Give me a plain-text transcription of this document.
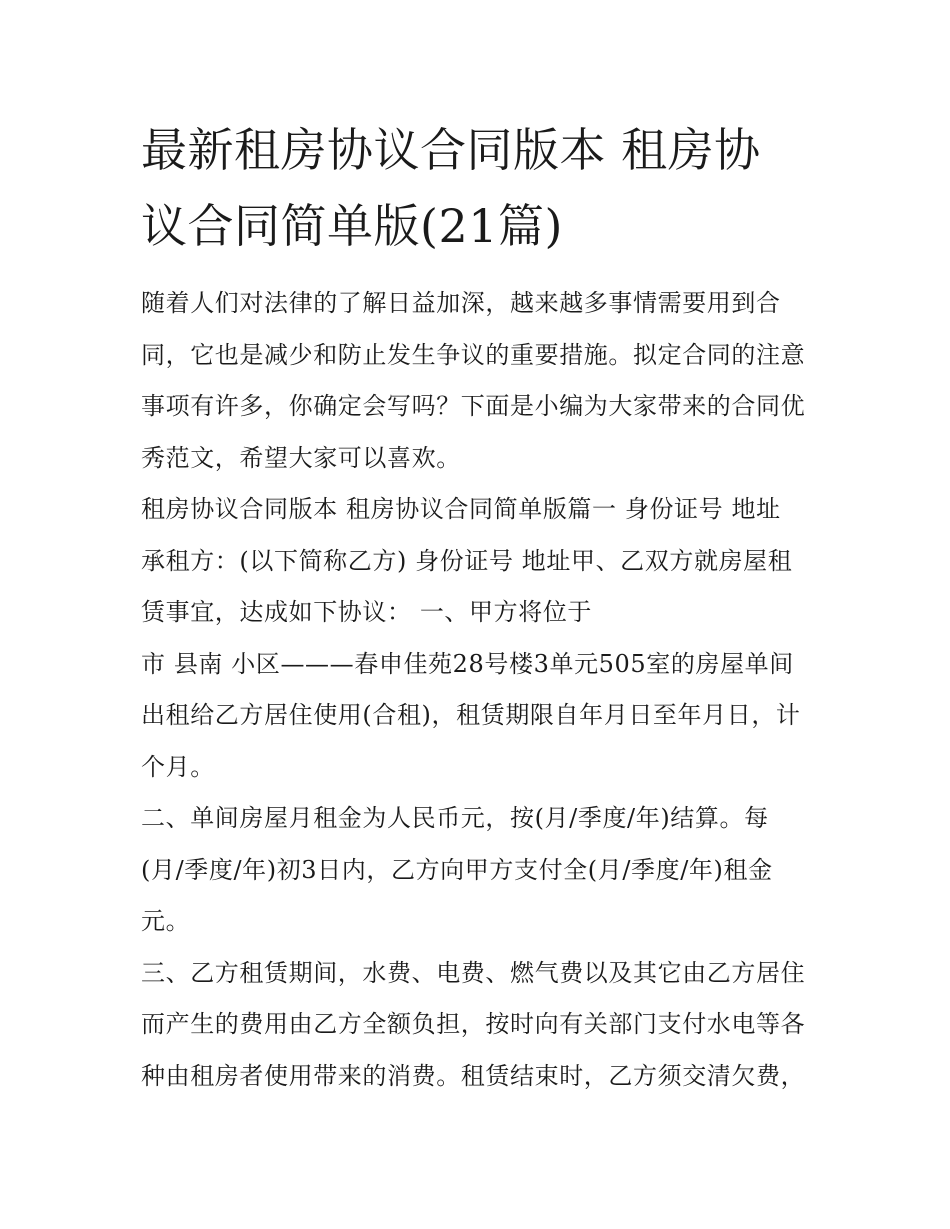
最新租房协议合同版本 租房协
议合同简单版(21篇)
随着人们对法律的了解日益加深，越来越多事情需要用到合
同，它也是减少和防止发生争议的重要措施。拟定合同的注意
事项有许多，你确定会写吗？下面是小编为大家带来的合同优
秀范文，希望大家可以喜欢。
租房协议合同版本 租房协议合同简单版篇一 身份证号 地址
承租方：(以下简称乙方) 身份证号 地址甲、乙双方就房屋租
赁事宜，达成如下协议： 一、甲方将位于
市 县南 小区———春申佳苑28号楼3单元505室的房屋单间
出租给乙方居住使用(合租)，租赁期限自年月日至年月日，计
个月。
二、单间房屋月租金为人民币元，按(月/季度/年)结算。每
(月/季度/年)初3日内，乙方向甲方支付全(月/季度/年)租金
元。
三、乙方租赁期间，水费、电费、燃气费以及其它由乙方居住
而产生的费用由乙方全额负担，按时向有关部门支付水电等各
种由租房者使用带来的消费。租赁结束时，乙方须交清欠费，
